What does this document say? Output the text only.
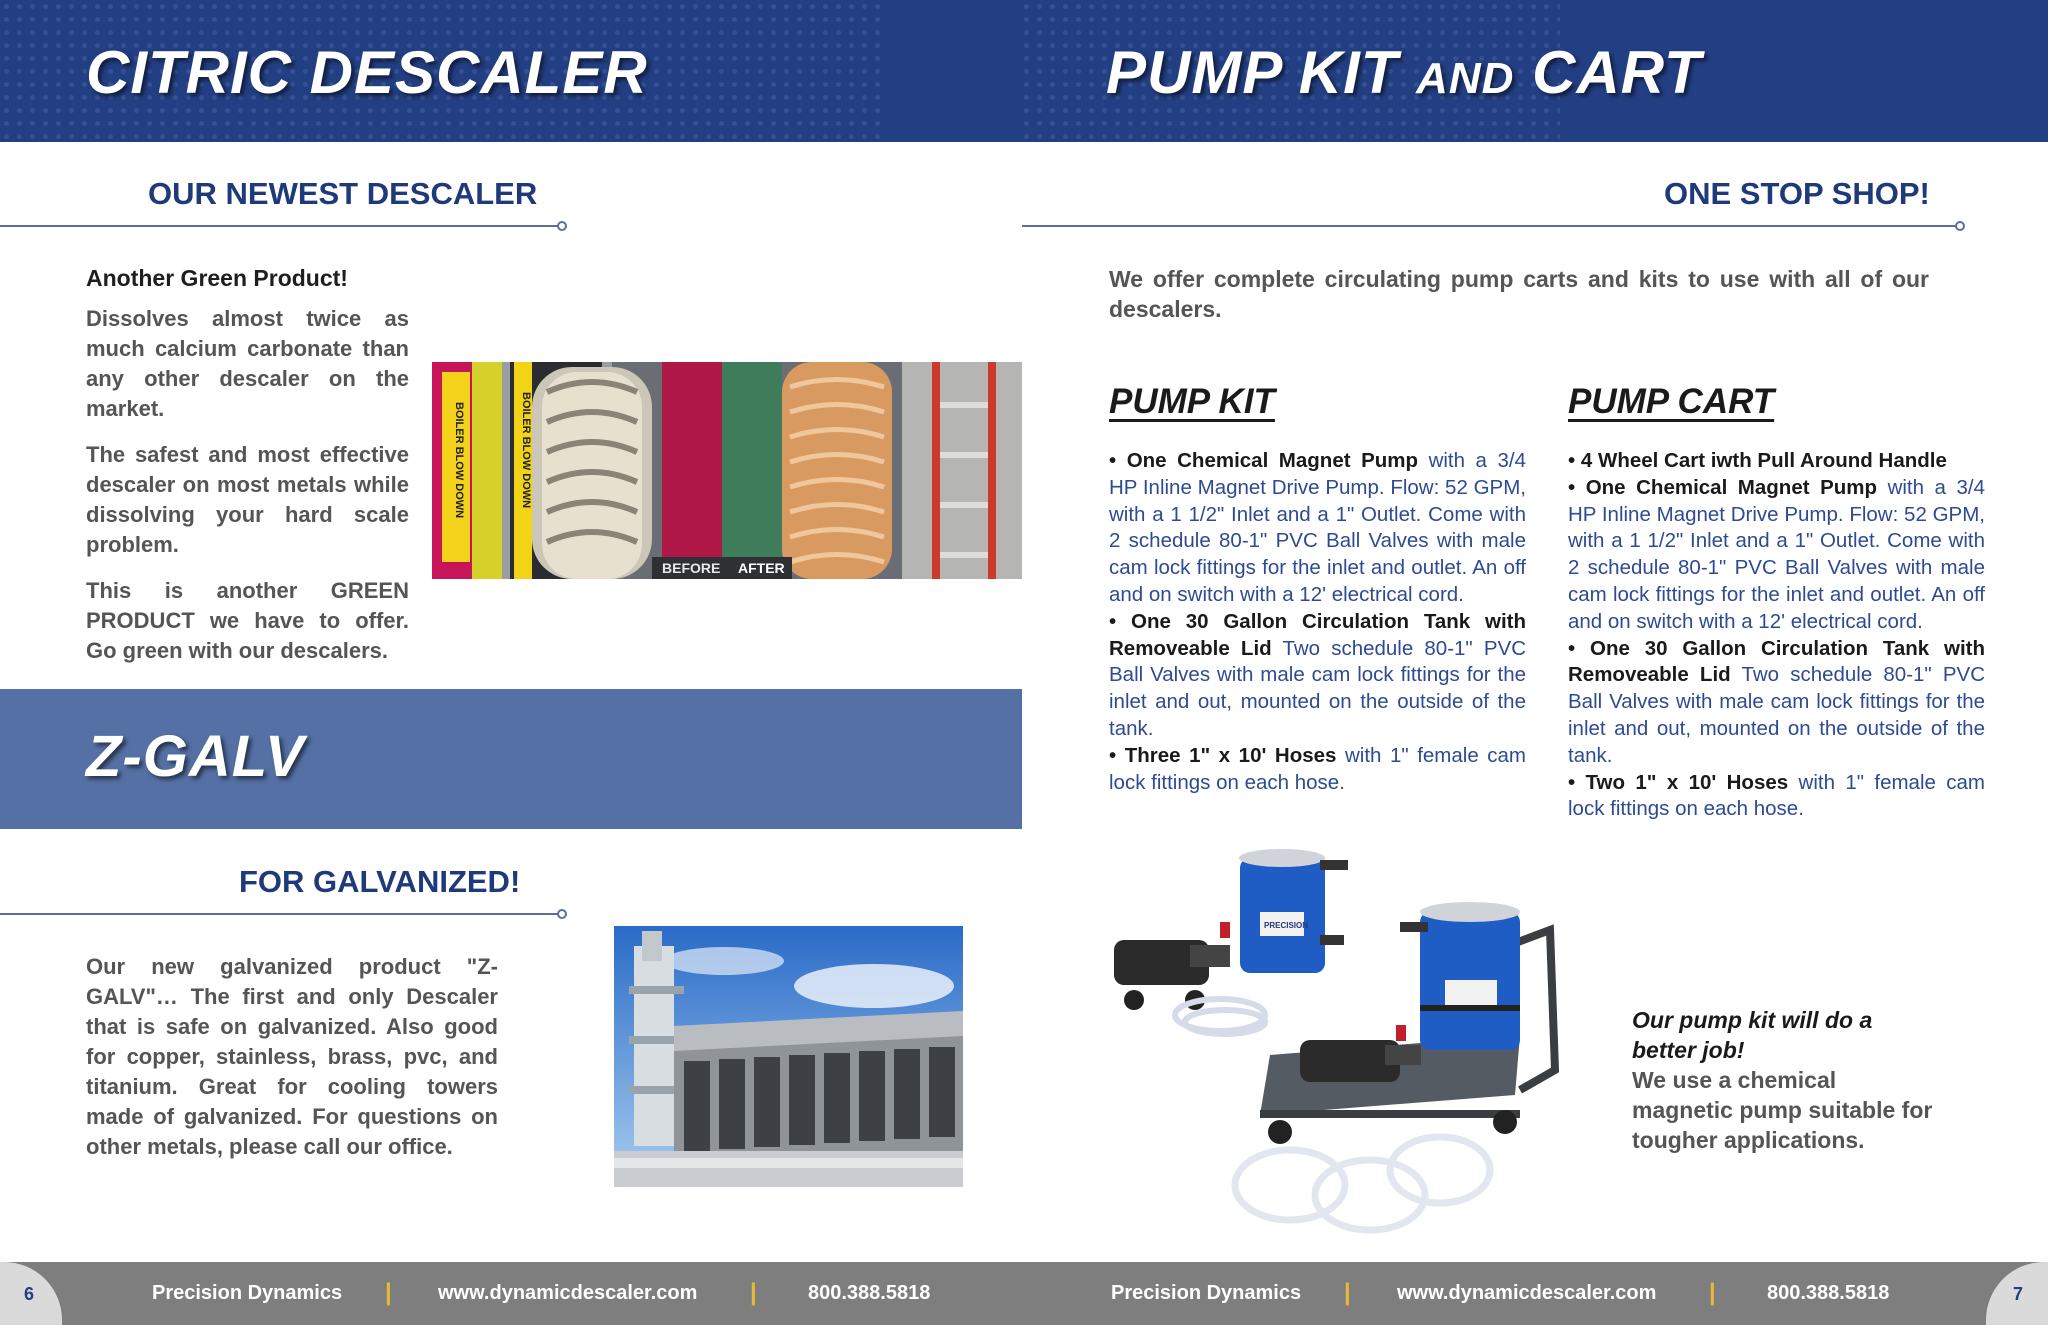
CITRIC DESCALER	PUMP KIT AND CART
OUR NEWEST DESCALER
Another Green Product!

Dissolves almost twice as much calcium carbonate than any other descaler on the market.

The safest and most effective descaler on most metals while dissolving your hard scale problem.

This is another GREEN PRODUCT we have to offer. Go green with our descalers.

BOILER BLOW DOWN	BOILER BLOW DOWN
BEFORE AFTER
Z-GALV
FOR GALVANIZED!
Our new galvanized product "Z-GALV"… The first and only Descaler that is safe on galvanized. Also good for copper, stainless, brass, pvc, and titanium. Great for cooling towers made of galvanized. For questions on other metals, please call our office.
ONE STOP SHOP!
We offer complete circulating pump carts and kits to use with all of our descalers.
PUMP KIT
• One Chemical Magnet Pump with a 3/4 HP Inline Magnet Drive Pump. Flow: 52 GPM, with a 1 1/2" Inlet and a 1" Outlet. Come with 2 schedule 80-1" PVC Ball Valves with male cam lock fittings for the inlet and outlet. An off and on switch with a 12' electrical cord.
• One 30 Gallon Circulation Tank with Removeable Lid Two schedule 80-1" PVC Ball Valves with male cam lock fittings for the inlet and out, mounted on the outside of the tank.
• Three 1" x 10' Hoses with 1" female cam lock fittings on each hose.
PUMP CART
• 4 Wheel Cart iwth Pull Around Handle
• One Chemical Magnet Pump with a 3/4 HP Inline Magnet Drive Pump. Flow: 52 GPM, with a 1 1/2" Inlet and a 1" Outlet. Come with 2 schedule 80-1" PVC Ball Valves with male cam lock fittings for the inlet and outlet. An off and on switch with a 12' electrical cord.
• One 30 Gallon Circulation Tank with Removeable Lid Two schedule 80-1" PVC Ball Valves with male cam lock fittings for the inlet and out, mounted on the outside of the tank.
• Two 1" x 10' Hoses with 1" female cam lock fittings on each hose.
PRECISION
Our pump kit will do a better job!
We use a chemical magnetic pump suitable for tougher applications.
6	7
Precision Dynamics | www.dynamicdescaler.com |	800.388.5818	Precision Dynamics | www.dynamicdescaler.com |	800.388.5818
